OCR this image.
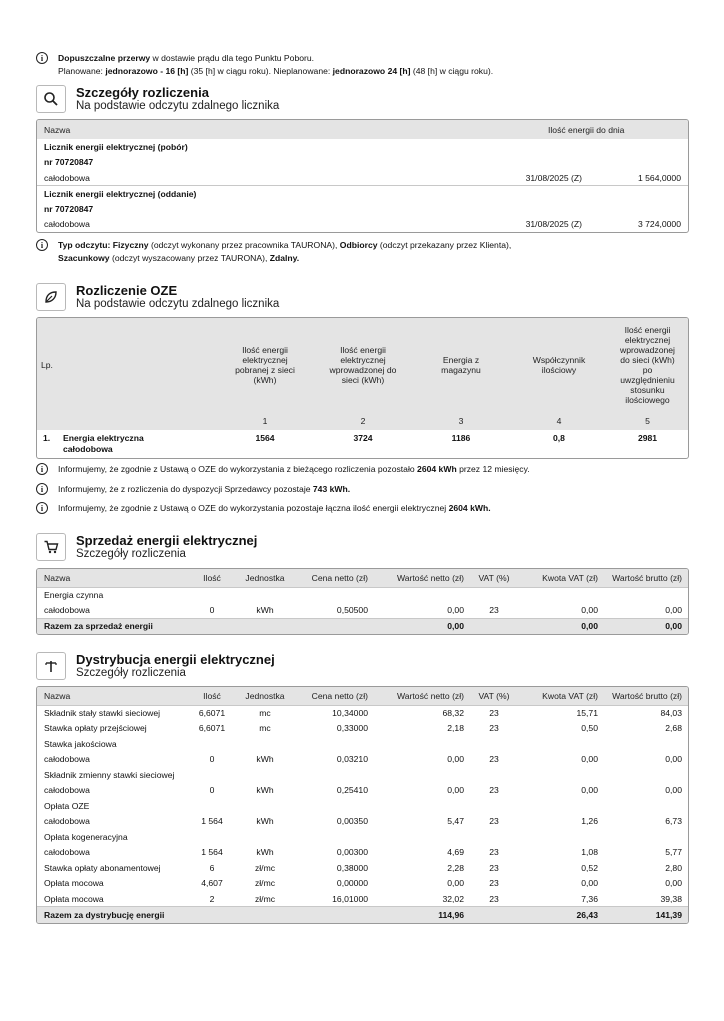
i	Dopuszczalne przerwy w dostawie prądu dla tego Punktu Poboru.
Planowane: jednorazowo - 16 [h] (35 [h] w ciągu roku). Nieplanowane: jednorazowo 24 [h] (48 [h] w ciągu roku).
Szczegóły rozliczenia
Na podstawie odczytu zdalnego licznika
Nazwa	Ilość energii do dnia
Licznik energii elektrycznej (pobór)		
nr 70720847		
całodobowa	31/08/2025 (Z)	1 564,0000
Licznik energii elektrycznej (oddanie)		
nr 70720847		
całodobowa	31/08/2025 (Z)	3 724,0000
i	Typ odczytu: Fizyczny (odczyt wykonany przez pracownika TAURONA), Odbiorcy (odczyt przekazany przez Klienta),
Szacunkowy (odczyt wyszacowany przez TAURONA), Zdalny.
Rozliczenie OZE
Na podstawie odczytu zdalnego licznika
Lp.	Ilość energii elektrycznej pobranej z sieci (kWh)	Ilość energii elektrycznej wprowadzonej do sieci (kWh)	Energia z magazynu	Współczynnik ilościowy	Ilość energii elektrycznej wprowadzonej do sieci (kWh) po uwzględnieniu stosunku ilościowego
	1	2	3	4	5

1. Energia elektryczna całodobowa	1564	3724	1186	0,8	2981
i	Informujemy, że zgodnie z Ustawą o OZE do wykorzystania z bieżącego rozliczenia pozostało 2604 kWh przez 12 miesięcy.
i	Informujemy, że z rozliczenia do dyspozycji Sprzedawcy pozostaje 743 kWh.
i	Informujemy, że zgodnie z Ustawą o OZE do wykorzystania pozostaje łączna ilość energii elektrycznej 2604 kWh.
Sprzedaż energii elektrycznej
Szczegóły rozliczenia
Nazwa	Ilość	Jednostka	Cena netto (zł)	Wartość netto (zł)	VAT (%)	Kwota VAT (zł)	Wartość brutto (zł)
Energia czynna							
całodobowa	0	kWh	0,50500	0,00	23	0,00	0,00
Razem za sprzedaż energii				0,00		0,00	0,00
Dystrybucja energii elektrycznej
Szczegóły rozliczenia
Nazwa	Ilość	Jednostka	Cena netto (zł)	Wartość netto (zł)	VAT (%)	Kwota VAT (zł)	Wartość brutto (zł)
Składnik stały stawki sieciowej	6,6071	mc	10,34000	68,32	23	15,71	84,03
Stawka opłaty przejściowej	6,6071	mc	0,33000	2,18	23	0,50	2,68
Stawka jakościowa							
całodobowa	0	kWh	0,03210	0,00	23	0,00	0,00
Składnik zmienny stawki sieciowej							
całodobowa	0	kWh	0,25410	0,00	23	0,00	0,00
Opłata OZE							
całodobowa	1 564	kWh	0,00350	5,47	23	1,26	6,73
Opłata kogeneracyjna							
całodobowa	1 564	kWh	0,00300	4,69	23	1,08	5,77
Stawka opłaty abonamentowej	6	zł/mc	0,38000	2,28	23	0,52	2,80
Opłata mocowa	4,607	zł/mc	0,00000	0,00	23	0,00	0,00
Opłata mocowa	2	zł/mc	16,01000	32,02	23	7,36	39,38
Razem za dystrybucję energii				114,96		26,43	141,39
